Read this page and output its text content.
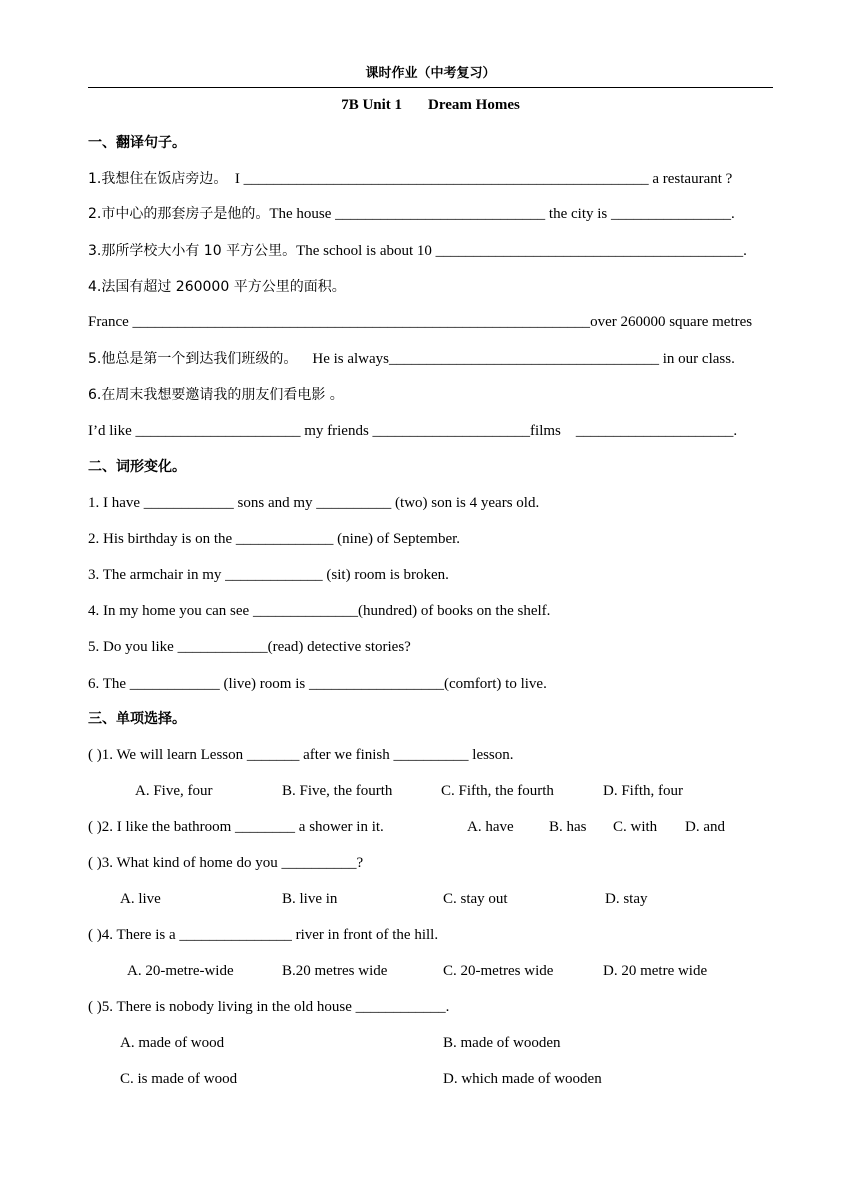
课时作业（中考复习）
7B Unit 1 Dream Homes
一、翻译句子。
1.我想住在饭店旁边。 I ______________________________________________________ a restaurant ?
2.市中心的那套房子是他的。The house ____________________________ the city is ________________.
3.那所学校大小有 10 平方公里。The school is about 10 _________________________________________.
4.法国有超过 260000 平方公里的面积。
France _____________________________________________________________over 260000 square metres
5.他总是第一个到达我们班级的。 He is always____________________________________ in our class.
6.在周末我想要邀请我的朋友们看电影 。
I’d like ______________________ my friends _____________________films _____________________.
二、词形变化。
1. I have ____________ sons and my __________ (two) son is 4 years old.
2. His birthday is on the _____________ (nine) of September.
3. The armchair in my _____________ (sit) room is broken.
4. In my home you can see ______________(hundred) of books on the shelf.
5. Do you like ____________(read) detective stories?
6. The ____________ (live) room is __________________(comfort) to live.
三、单项选择。
( )1. We will learn Lesson _______ after we finish __________ lesson.
A. Five, four	B. Five, the fourth	C. Fifth, the fourth	D. Fifth, four
( )2. I like the bathroom ________ a shower in it.	A. have B. has C. with D. and
( )3. What kind of home do you __________?
A. live	B. live in	C. stay out	D. stay
( )4. There is a _______________ river in front of the hill.
A. 20-metre-wide	B.20 metres wide	C. 20-metres wide	D. 20 metre wide
( )5. There is nobody living in the old house ____________.
A. made of wood	B. made of wooden
C. is made of wood	D. which made of wooden
